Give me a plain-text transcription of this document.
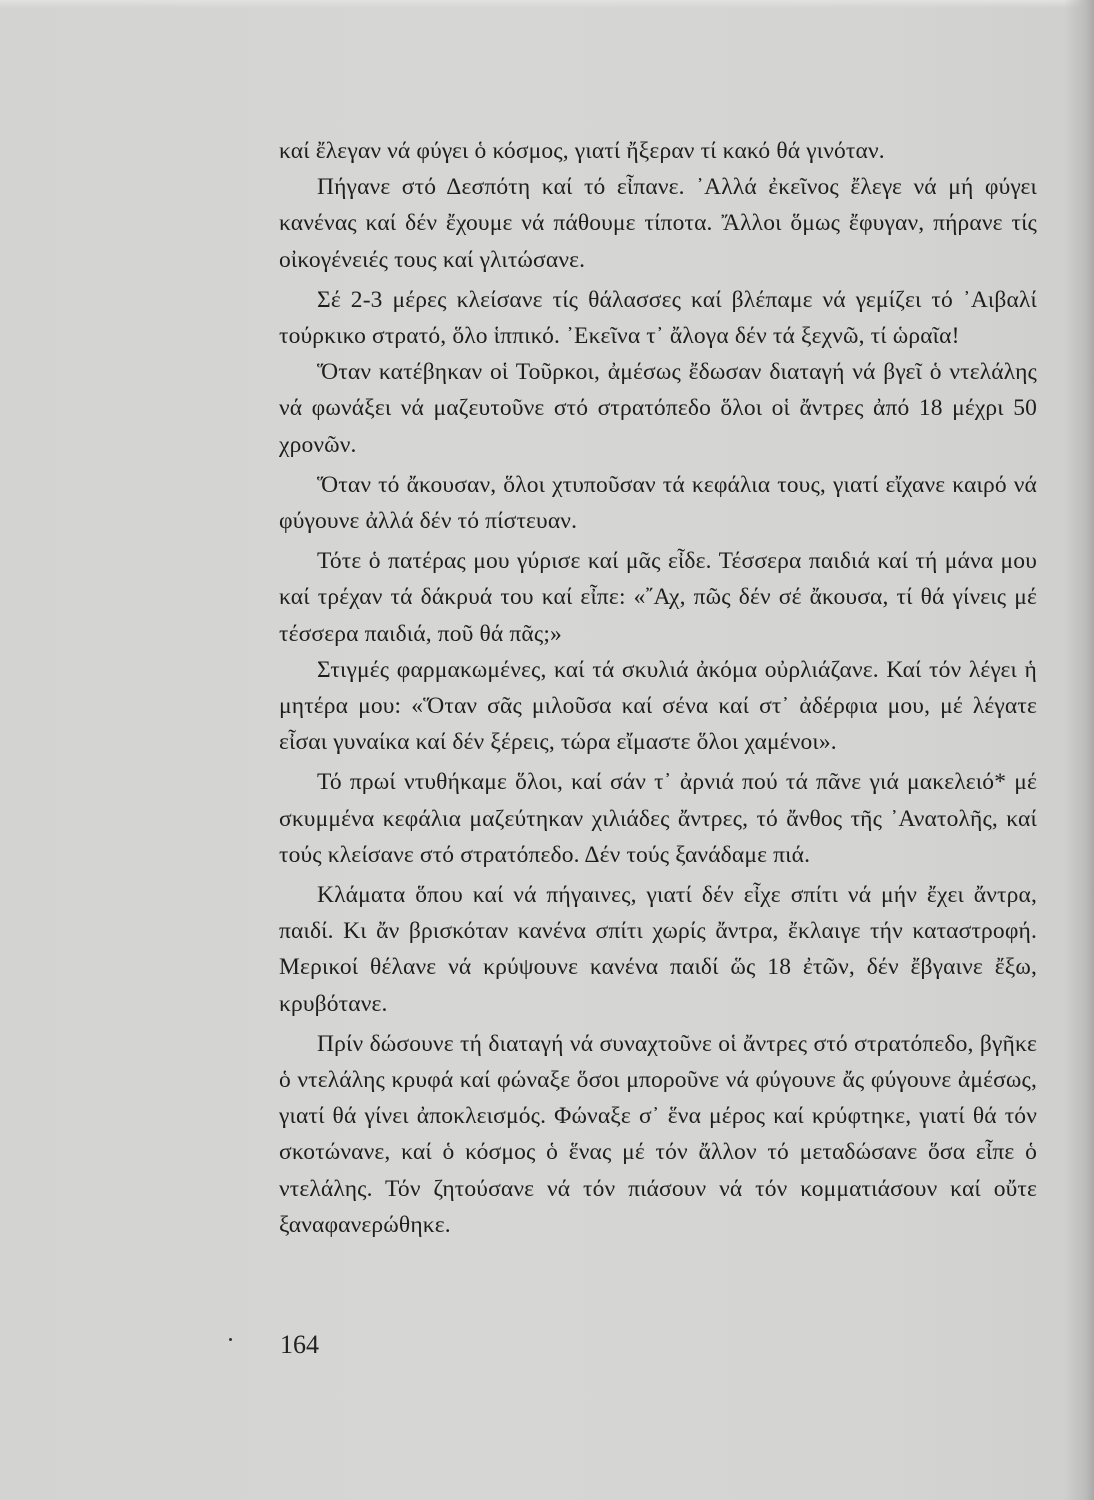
καί ἔλεγαν νά φύγει ὁ κόσμος, γιατί ἤξεραν τί κακό θά γινόταν.

Πήγανε στό Δεσπότη καί τό εἶπανε. ᾿Αλλά ἐκεῖνος ἔλεγε νά μή φύγει κανένας καί δέν ἔχουμε νά πάθουμε τίποτα. Ἄλλοι ὅμως ἔφυγαν, πήρανε τίς οἰκογένειές τους καί γλιτώσανε.

Σέ 2-3 μέρες κλείσανε τίς θάλασσες καί βλέπαμε νά γεμίζει τό ᾿Αιβαλί τούρκικο στρατό, ὅλο ἱππικό. ᾿Εκεῖνα τ᾿ ἄλογα δέν τά ξεχνῶ, τί ὡραῖα!

Ὅταν κατέβηκαν οἱ Τοῦρκοι, ἀμέσως ἔδωσαν διαταγή νά βγεῖ ὁ ντελάλης νά φωνάξει νά μαζευτοῦνε στό στρατόπεδο ὅλοι οἱ ἄντρες ἀπό 18 μέχρι 50 χρονῶν.

Ὅταν τό ἄκουσαν, ὅλοι χτυποῦσαν τά κεφάλια τους, γιατί εἴχανε καιρό νά φύγουνε ἀλλά δέν τό πίστευαν.

Τότε ὁ πατέρας μου γύρισε καί μᾶς εἶδε. Τέσσερα παιδιά καί τή μάνα μου καί τρέχαν τά δάκρυά του καί εἶπε: «῎Αχ, πῶς δέν σέ ἄκουσα, τί θά γίνεις μέ τέσσερα παιδιά, ποῦ θά πᾶς;»

Στιγμές φαρμακωμένες, καί τά σκυλιά ἀκόμα οὐρλιάζανε. Καί τόν λέγει ἡ μητέρα μου: «Ὅταν σᾶς μιλοῦσα καί σένα καί στ᾿ ἀδέρφια μου, μέ λέγατε εἶσαι γυναίκα καί δέν ξέρεις, τώρα εἴμαστε ὅλοι χαμένοι».

Τό πρωί ντυθήκαμε ὅλοι, καί σάν τ᾿ ἀρνιά πού τά πᾶνε γιά μακελειό* μέ σκυμμένα κεφάλια μαζεύτηκαν χιλιάδες ἄντρες, τό ἄνθος τῆς ᾿Ανατολῆς, καί τούς κλείσανε στό στρατόπεδο. Δέν τούς ξανάδαμε πιά.

Κλάματα ὅπου καί νά πήγαινες, γιατί δέν εἶχε σπίτι νά μήν ἔχει ἄντρα, παιδί. Κι ἄν βρισκόταν κανένα σπίτι χωρίς ἄντρα, ἔκλαιγε τήν καταστροφή. Μερικοί θέλανε νά κρύψουνε κανένα παιδί ὥς 18 ἐτῶν, δέν ἔβγαινε ἔξω, κρυβότανε.

Πρίν δώσουνε τή διαταγή νά συναχτοῦνε οἱ ἄντρες στό στρατόπεδο, βγῆκε ὁ ντελάλης κρυφά καί φώναξε ὅσοι μποροῦνε νά φύγουνε ἄς φύγουνε ἀμέσως, γιατί θά γίνει ἀποκλεισμός. Φώναξε σ᾿ ἕνα μέρος καί κρύφτηκε, γιατί θά τόν σκοτώνανε, καί ὁ κόσμος ὁ ἕνας μέ τόν ἄλλον τό μεταδώσανε ὅσα εἶπε ὁ ντελάλης. Τόν ζητούσανε νά τόν πιάσουν νά τόν κομματιάσουν καί οὔτε ξαναφανερώθηκε.

164
